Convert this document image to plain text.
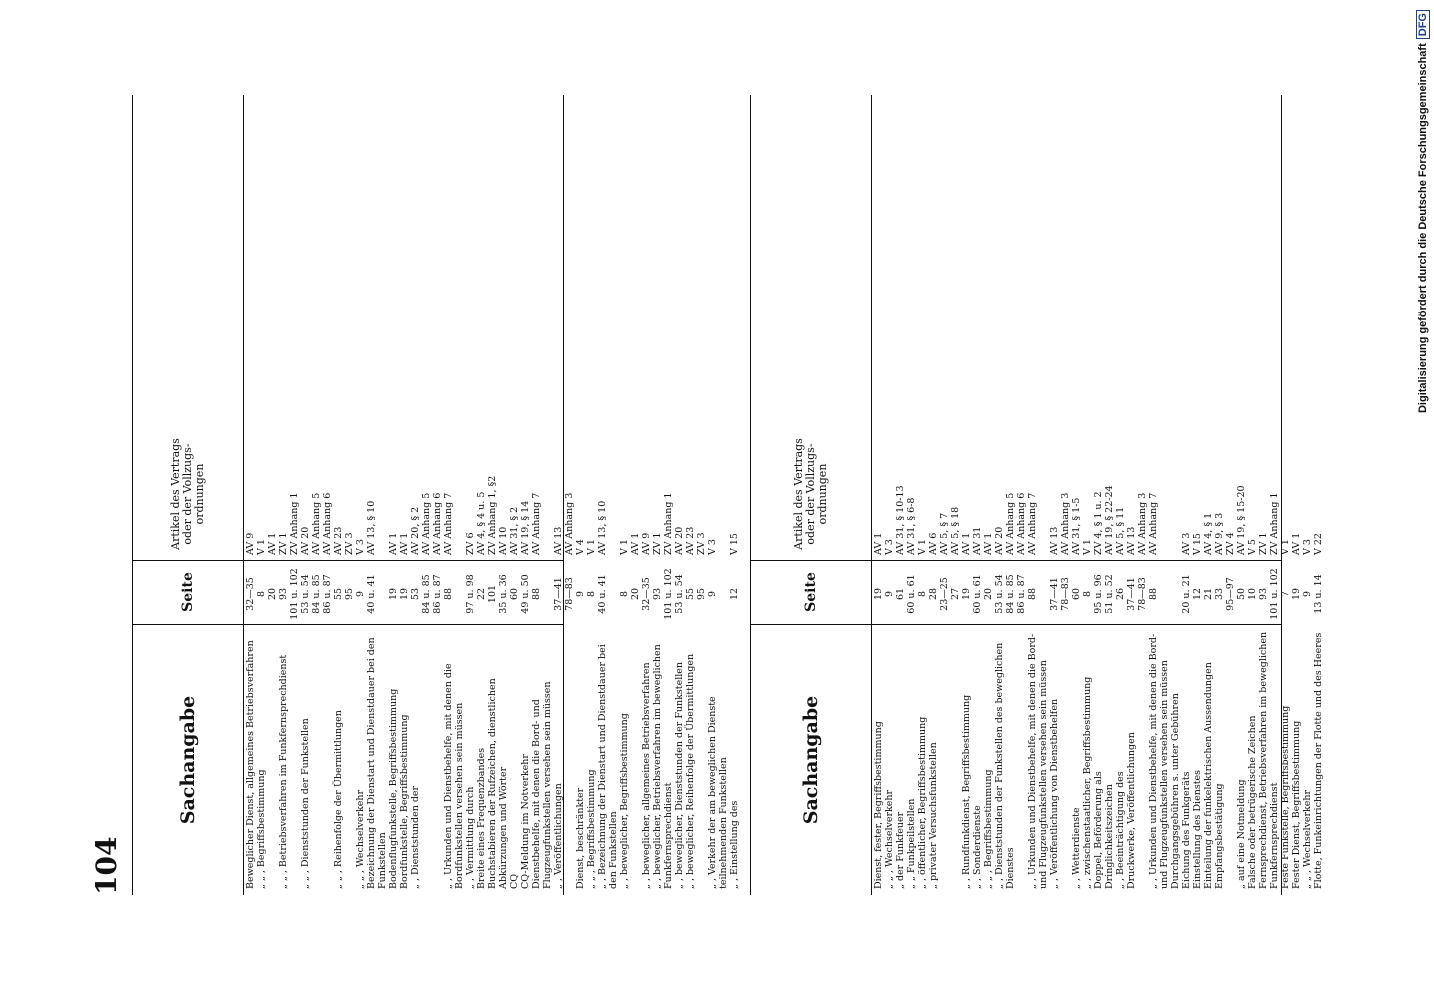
104
Sachangabe
Seite
Artikel des Vertrags oder der Vollzugs-ordnungen
Beweglicher Dienst, allgemeines Betriebsverfahren
32—35
AV 9
„ „ , Begriffsbestimmung
8
20
V 1
AV 1
„ „ , Betriebsverfahren im Funkfernsprechdienst
93
101 u. 102
ZV 1
ZV Anhang 1
„ „ , Dienststunden der Funkstellen
53 u. 54
84 u. 85
86 u. 87
AV 20
AV Anhang 5
AV Anhang 6
„ „ , Reihenfolge der Übermittlungen
55
95
AV 23
ZV 3
„ „ , Wechselverkehr
9
V 3
Bezeichnung der Dienstart und Dienstdauer bei den Funkstellen
40 u. 41
AV 13, § 10
Bodenflugfunkstelle, Begriffsbestimmung
19
AV 1
Bordfunkstelle, Begriffsbestimmung
19
AV 1
„ , Dienststunden der
53
84 u. 85
86 u. 87
AV 20, § 2
AV Anhang 5
AV Anhang 6
„ , Urkunden und Dienstbehelfe, mit denen die Bordfunkstellen versehen sein müssen
88
AV Anhang 7
„ , Vermittlung durch
97 u. 98
ZV 6
Breite eines Frequenzbandes
22
AV 4, § 4 u. 5
Buchstabieren der Rufzeichen, dienstlichen Abkürzungen und Wörter
101
35 u. 36
ZV Anhang 1, §2
AV 10
CQ
60
AV 31, § 2
CQ-Meldung im Notverkehr
49 u. 50
AV 19, § 14
Dienstbehelfe, mit denen die Bord- und Flugzeugfunkstellen versehen sein müssen
88
AV Anhang 7
„ , Veröffentlichungen
37—41
78—83
AV 13
AV Anhang 3
Dienst, beschränkter
9
V 4
„ „ , Begriffsbestimmung
8
V 1
„ , Bezeichnung der Dienstart und Dienstdauer bei den Funkstellen
40 u. 41
AV 13, § 10
„ , beweglicher, Begriffsbestimmung
8
20
V 1
AV 1
„ , beweglicher, allgemeines Betriebsverfahren
32—35
AV 9
„ , beweglicher, Betriebsverfahren im beweglichen Funkfernsprechdienst
93
101 u. 102
ZV 1
ZV Anhang 1
„ , beweglicher, Dienststunden der Funkstellen
53 u. 54
AV 20
„ , beweglicher, Reihenfolge der Übermittlungen
55
95
AV 23
ZV 3
„ , Verkehr der am beweglichen Dienste teilnehmenden Funkstellen
9
V 3
„ , Einstellung des
12
V 15
Sachangabe
Seite
Artikel des Vertrags oder der Vollzugs-ordnungen
Dienst, fester, Begriffsbestimmung
19
AV 1
„ „ , Wechselverkehr
9
V 3
„ der Funkfeuer
61
AV 31, § 10-13
„ „ Funkpeilstellen
60 u. 61
AV 31, § 6-8
„ , öffentlicher, Begriffsbestimmung
8
V 1
„ privater Versuchsfunkstellen
28
23—25
27
AV 6
AV 5, § 7
AV 5, § 18
„ , Rundfunkdienst, Begriffsbestimmung
19
AV 1
„ , Sonderdienste
60 u. 61
AV 31
„ „ , Begriffsbestimmung
20
AV 1
„ , Dienststunden der Funkstellen des beweglichen Dienstes
53 u. 54
84 u. 85
86 u. 87
AV 20
AV Anhang 5
AV Anhang 6
„ , Urkunden und Dienstbehelfe, mit denen die Bord- und Flugzeugfunkstellen versehen sein müssen
88
AV Anhang 7
„ , Veröffentlichung von Dienstbehelfen
37—41
78—83
AV 13
AV Anhang 3
„ , Wetterdienste
60
AV 31, § 1-5
„ , zwischenstaatlicher, Begriffsbestimmung
8
V 1
Doppel, Beförderung als
95 u. 96
ZV 4, § 1 u. 2
Dringlichkeitszeichen
51 u. 52
AV 19, § 22-24
„ , Beeinträchtigung des
26
AV 5, § 11
Druckwerke, Veröffentlichungen
37—41
78—83
AV 13
AV Anhang 3
„ , Urkunden und Dienstbehelfe, mit denen die Bord- und Flugzeugfunkstellen versehen sein müssen
88
AV Anhang 7
Durchgangsgebühren s. unter Gebühren Eichung des Funkgeräts
20 u. 21
AV 3
Einstellung des Dienstes
12
V 15
Einteilung der funkelektrischen Aussendungen
21
AV 4, § 1
Empfangsbestätigung
33
95—97
AV 9, § 3
ZV 4
„ auf eine Notmeldung
50
AV 19, § 15-20
Falsche oder betrügerische Zeichen
10
V 5
Fernsprechdienst, Betriebsverfahren im beweglichen Funkfernsprechdienst
93
101 u. 102
ZV 1
ZV Anhang 1
Feste Funkstelle, Begriffsbestimmung
7
V 1
Fester Dienst, Begriffsbestimmung
19
AV 1
„ „ , Wechselverkehr
9
V 3
Flotte, Funkeinrichtungen der Flotte und des Heeres
13 u. 14
V 22
Digitalisierung gefördert durch die Deutsche ForschungsgemeinschaftDFG
